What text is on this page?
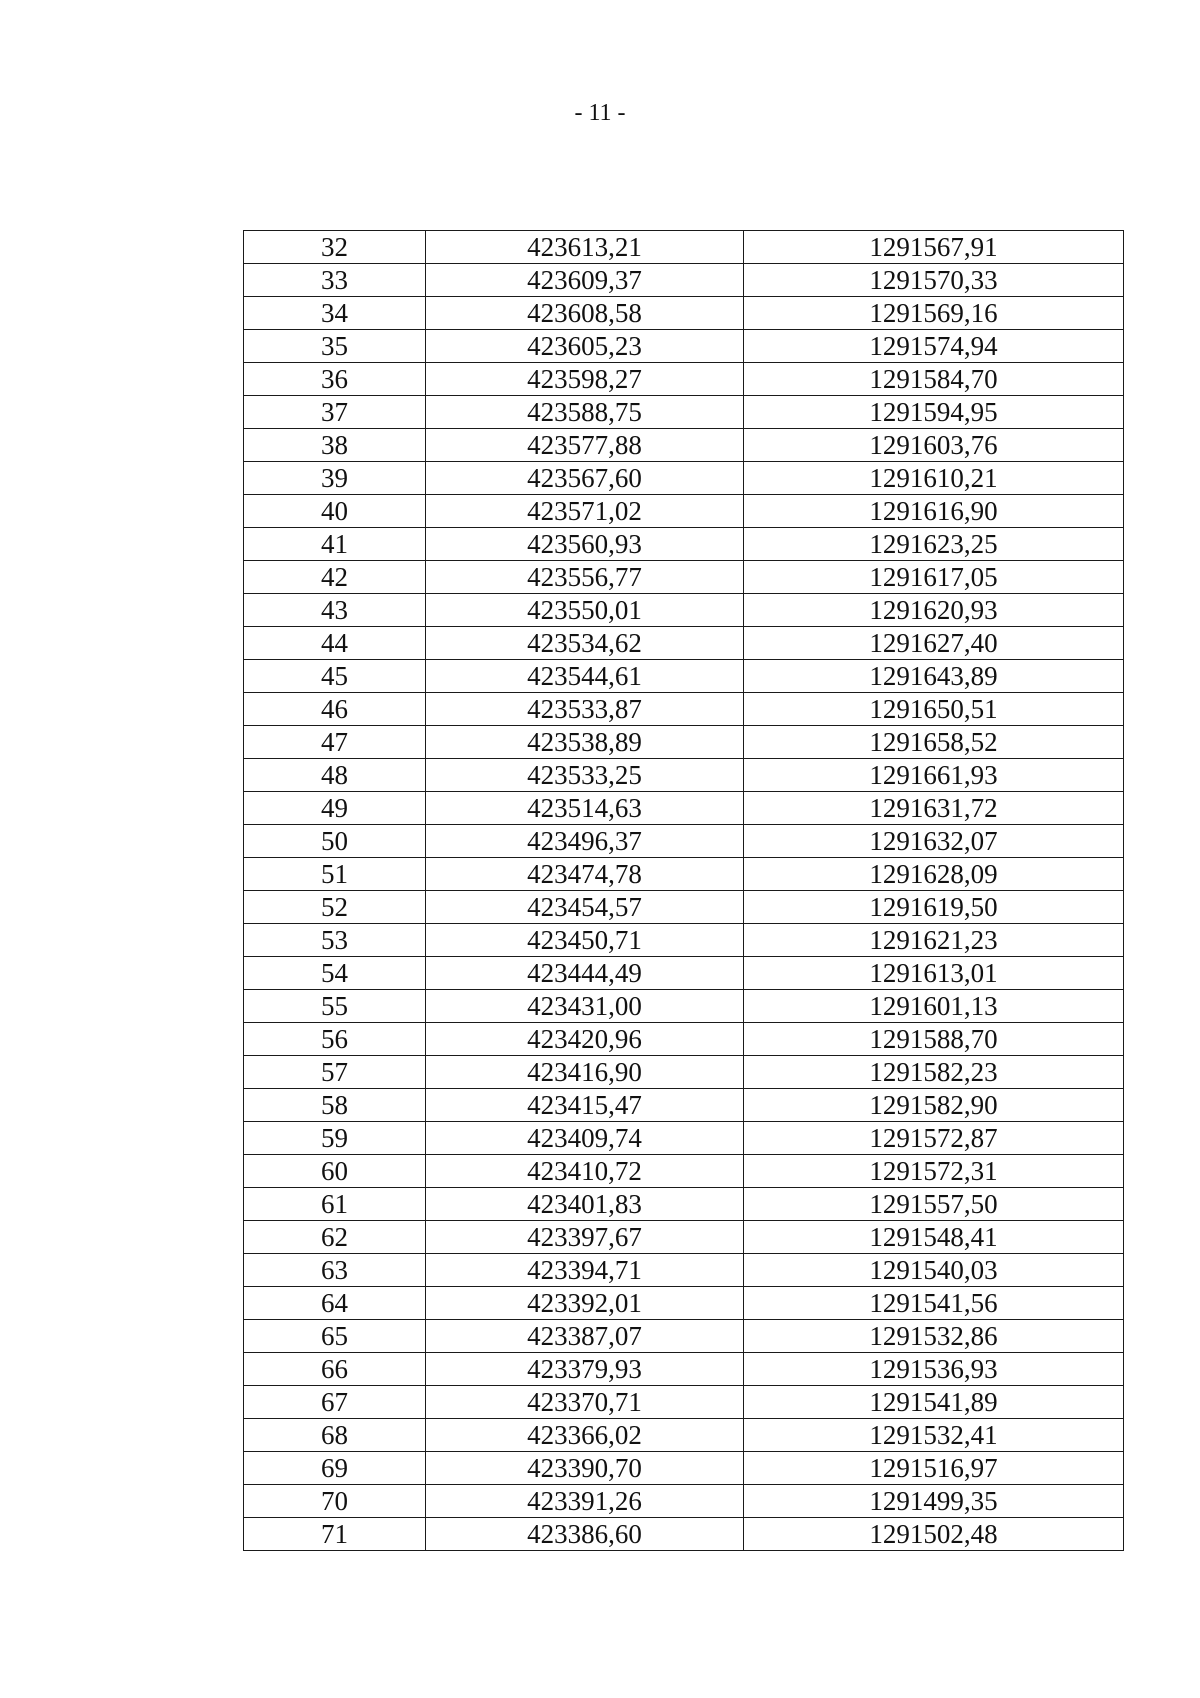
- 11 -
32	423613,21	1291567,91
33	423609,37	1291570,33
34	423608,58	1291569,16
35	423605,23	1291574,94
36	423598,27	1291584,70
37	423588,75	1291594,95
38	423577,88	1291603,76
39	423567,60	1291610,21
40	423571,02	1291616,90
41	423560,93	1291623,25
42	423556,77	1291617,05
43	423550,01	1291620,93
44	423534,62	1291627,40
45	423544,61	1291643,89
46	423533,87	1291650,51
47	423538,89	1291658,52
48	423533,25	1291661,93
49	423514,63	1291631,72
50	423496,37	1291632,07
51	423474,78	1291628,09
52	423454,57	1291619,50
53	423450,71	1291621,23
54	423444,49	1291613,01
55	423431,00	1291601,13
56	423420,96	1291588,70
57	423416,90	1291582,23
58	423415,47	1291582,90
59	423409,74	1291572,87
60	423410,72	1291572,31
61	423401,83	1291557,50
62	423397,67	1291548,41
63	423394,71	1291540,03
64	423392,01	1291541,56
65	423387,07	1291532,86
66	423379,93	1291536,93
67	423370,71	1291541,89
68	423366,02	1291532,41
69	423390,70	1291516,97
70	423391,26	1291499,35
71	423386,60	1291502,48
